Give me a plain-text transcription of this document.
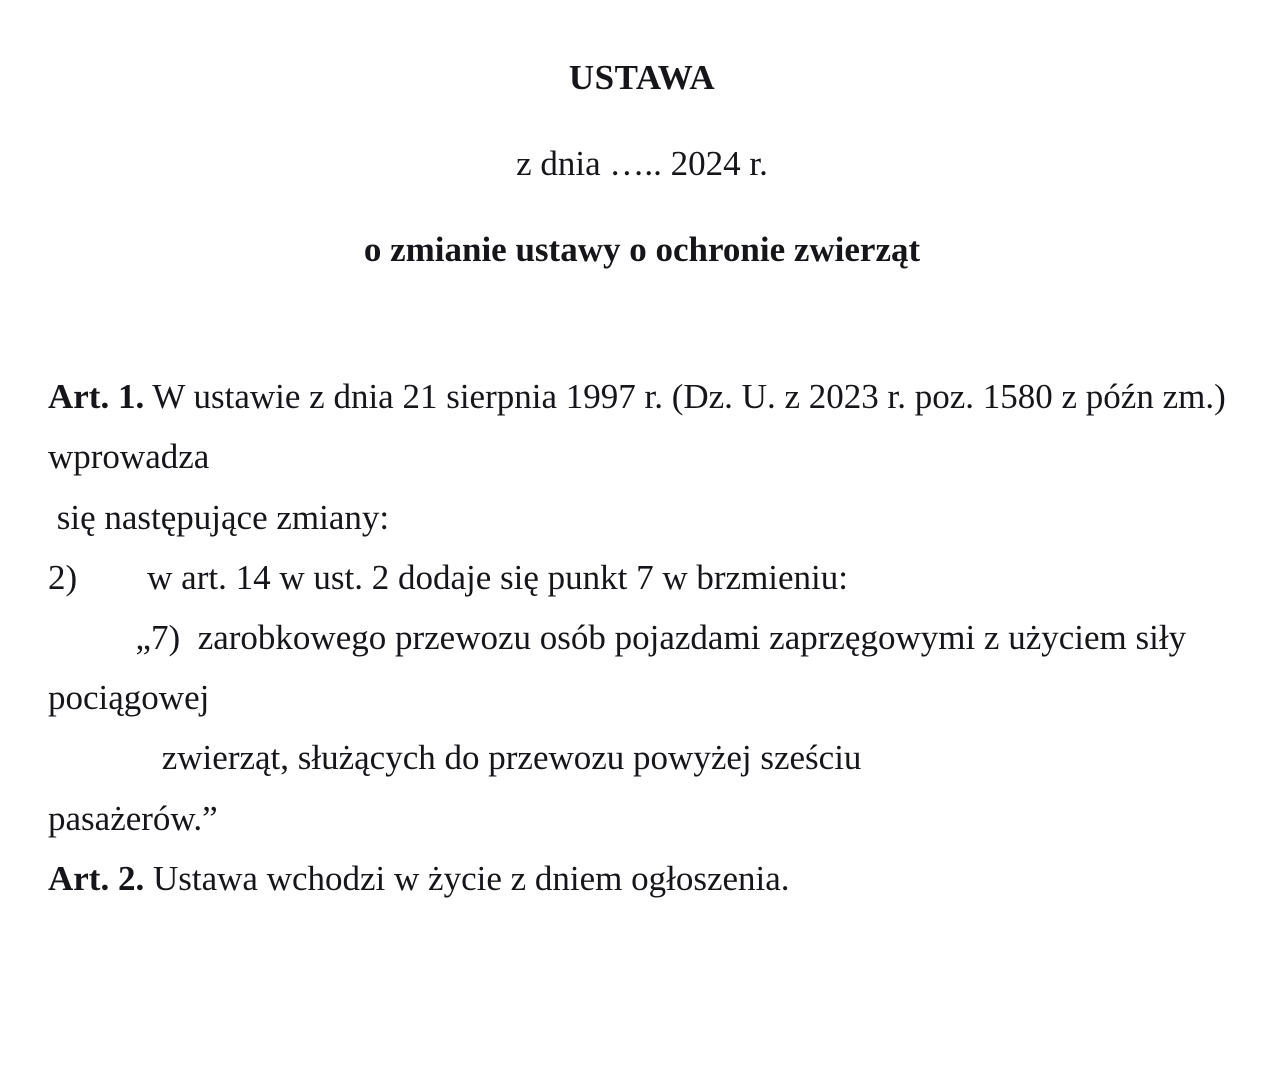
USTAWA
z dnia ….. 2024 r.
o zmianie ustawy o ochronie zwierząt

Art. 1. W ustawie z dnia 21 sierpnia 1997 r. (Dz. U. z 2023 r. poz. 1580 z późn zm.) wprowadza

się następujące zmiany:

2)        w art. 14 w ust. 2 dodaje się punkt 7 w brzmieniu:

„7)  zarobkowego przewozu osób pojazdami zaprzęgowymi z użyciem siły pociągowej

zwierząt, służących do przewozu powyżej sześciu

pasażerów.”

Art. 2. Ustawa wchodzi w życie z dniem ogłoszenia.
